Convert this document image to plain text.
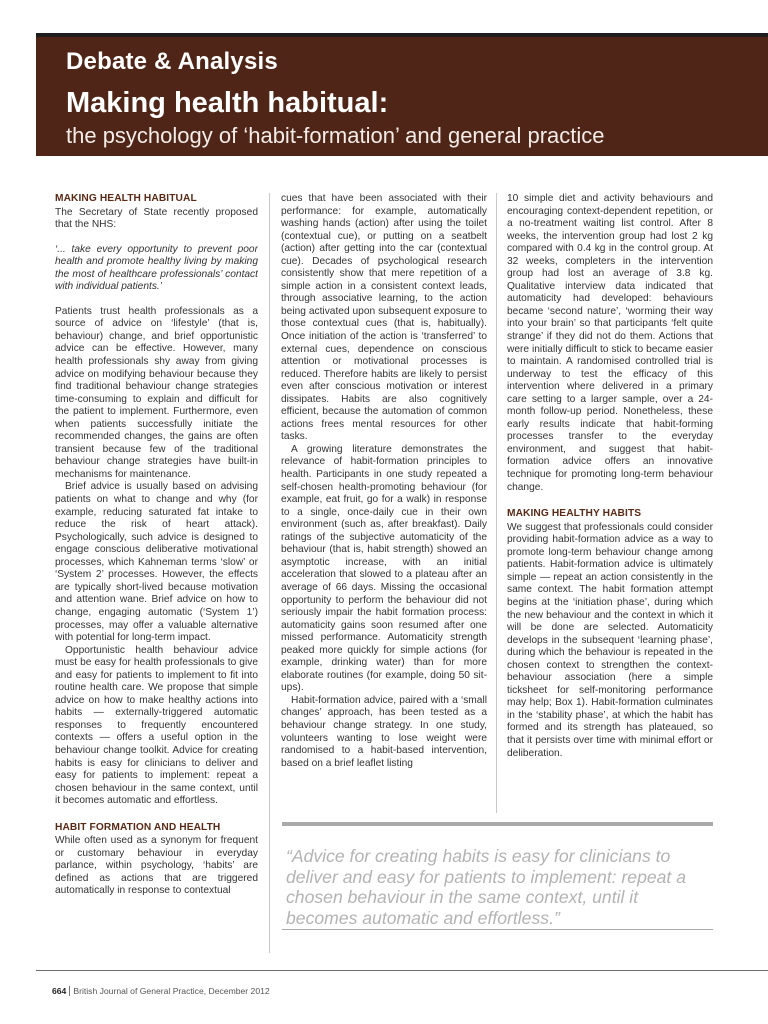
Debate & Analysis
Making health habitual:
the psychology of ‘habit-formation’ and general practice
MAKING HEALTH HABITUAL

The Secretary of State recently proposed that the NHS:

‘... take every opportunity to prevent poor health and promote healthy living by making the most of healthcare professionals’ contact with individual patients.’

Patients trust health professionals as a source of advice on ‘lifestyle’ (that is, behaviour) change, and brief opportunistic advice can be effective. However, many health professionals shy away from giving advice on modifying behaviour because they find traditional behaviour change strategies time-consuming to explain and difficult for the patient to implement. Furthermore, even when patients successfully initiate the recommended changes, the gains are often transient because few of the traditional behaviour change strategies have built-in mechanisms for maintenance.

Brief advice is usually based on advising patients on what to change and why (for example, reducing saturated fat intake to reduce the risk of heart attack). Psychologically, such advice is designed to engage conscious deliberative motivational processes, which Kahneman terms ‘slow’ or ‘System 2’ processes. However, the effects are typically short-lived because motivation and attention wane. Brief advice on how to change, engaging automatic (‘System 1’) processes, may offer a valuable alternative with potential for long-term impact.

Opportunistic health behaviour advice must be easy for health professionals to give and easy for patients to implement to fit into routine health care. We propose that simple advice on how to make healthy actions into habits — externally-triggered automatic responses to frequently encountered contexts — offers a useful option in the behaviour change toolkit. Advice for creating habits is easy for clinicians to deliver and easy for patients to implement: repeat a chosen behaviour in the same context, until it becomes automatic and effortless.

HABIT FORMATION AND HEALTH

While often used as a synonym for frequent or customary behaviour in everyday parlance, within psychology, ‘habits’ are defined as actions that are triggered automatically in response to contextual

cues that have been associated with their performance: for example, automatically washing hands (action) after using the toilet (contextual cue), or putting on a seatbelt (action) after getting into the car (contextual cue). Decades of psychological research consistently show that mere repetition of a simple action in a consistent context leads, through associative learning, to the action being activated upon subsequent exposure to those contextual cues (that is, habitually). Once initiation of the action is ‘transferred’ to external cues, dependence on conscious attention or motivational processes is reduced. Therefore habits are likely to persist even after conscious motivation or interest dissipates. Habits are also cognitively efficient, because the automation of common actions frees mental resources for other tasks.

A growing literature demonstrates the relevance of habit-formation principles to health. Participants in one study repeated a self-chosen health-promoting behaviour (for example, eat fruit, go for a walk) in response to a single, once-daily cue in their own environment (such as, after breakfast). Daily ratings of the subjective automaticity of the behaviour (that is, habit strength) showed an asymptotic increase, with an initial acceleration that slowed to a plateau after an average of 66 days. Missing the occasional opportunity to perform the behaviour did not seriously impair the habit formation process: automaticity gains soon resumed after one missed performance. Automaticity strength peaked more quickly for simple actions (for example, drinking water) than for more elaborate routines (for example, doing 50 sit-ups).

Habit-formation advice, paired with a ‘small changes’ approach, has been tested as a behaviour change strategy. In one study, volunteers wanting to lose weight were randomised to a habit-based intervention, based on a brief leaflet listing

10 simple diet and activity behaviours and encouraging context-dependent repetition, or a no-treatment waiting list control. After 8 weeks, the intervention group had lost 2 kg compared with 0.4 kg in the control group. At 32 weeks, completers in the intervention group had lost an average of 3.8 kg. Qualitative interview data indicated that automaticity had developed: behaviours became ‘second nature’, ‘worming their way into your brain’ so that participants ‘felt quite strange’ if they did not do them. Actions that were initially difficult to stick to became easier to maintain. A randomised controlled trial is underway to test the efficacy of this intervention where delivered in a primary care setting to a larger sample, over a 24-month follow-up period. Nonetheless, these early results indicate that habit-forming processes transfer to the everyday environment, and suggest that habit-formation advice offers an innovative technique for promoting long-term behaviour change.

MAKING HEALTHY HABITS

We suggest that professionals could consider providing habit-formation advice as a way to promote long-term behaviour change among patients. Habit-formation advice is ultimately simple — repeat an action consistently in the same context. The habit formation attempt begins at the ‘initiation phase’, during which the new behaviour and the context in which it will be done are selected. Automaticity develops in the subsequent ‘learning phase’, during which the behaviour is repeated in the chosen context to strengthen the context-behaviour association (here a simple ticksheet for self-monitoring performance may help; Box 1). Habit-formation culminates in the ‘stability phase’, at which the habit has formed and its strength has plateaued, so that it persists over time with minimal effort or deliberation.

“Advice for creating habits is easy for clinicians to deliver and easy for patients to implement: repeat a chosen behaviour in the same context, until it becomes automatic and effortless.”
664 British Journal of General Practice, December 2012
